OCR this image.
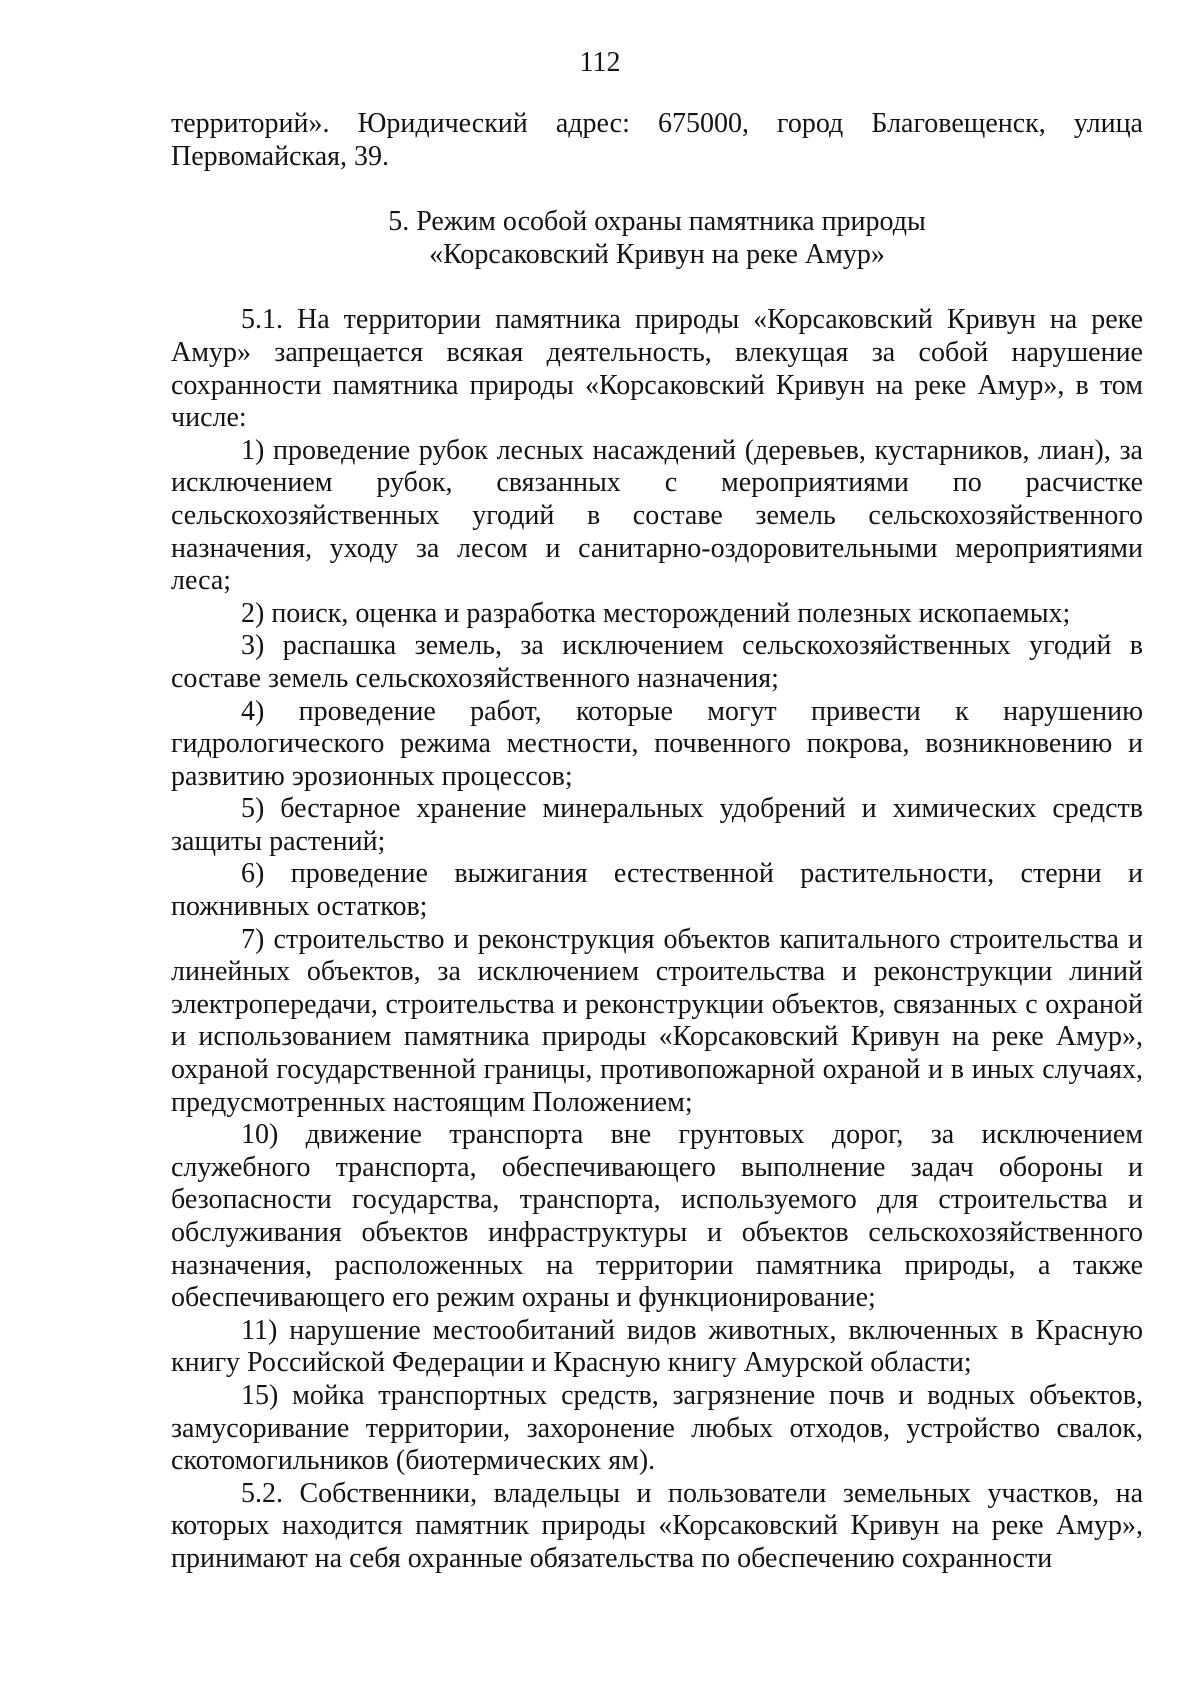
112

территорий». Юридический адрес: 675000, город Благовещенск, улица Первомайская, 39.

5. Режим особой охраны памятника природы
«Корсаковский Кривун на реке Амур»

5.1. На территории памятника природы «Корсаковский Кривун на реке Амур» запрещается всякая деятельность, влекущая за собой нарушение сохранности памятника природы «Корсаковский Кривун на реке Амур», в том числе:

1) проведение рубок лесных насаждений (деревьев, кустарников, лиан), за исключением рубок, связанных с мероприятиями по расчистке сельскохозяйственных угодий в составе земель сельскохозяйственного назначения, уходу за лесом и санитарно-оздоровительными мероприятиями леса;

2) поиск, оценка и разработка месторождений полезных ископаемых;

3) распашка земель, за исключением сельскохозяйственных угодий в составе земель сельскохозяйственного назначения;

4) проведение работ, которые могут привести к нарушению гидрологического режима местности, почвенного покрова, возникновению и развитию эрозионных процессов;

5) бестарное хранение минеральных удобрений и химических средств защиты растений;

6) проведение выжигания естественной растительности, стерни и пожнивных остатков;

7) строительство и реконструкция объектов капитального строительства и линейных объектов, за исключением строительства и реконструкции линий электропередачи, строительства и реконструкции объектов, связанных с охраной и использованием памятника природы «Корсаковский Кривун на реке Амур», охраной государственной границы, противопожарной охраной и в иных случаях, предусмотренных настоящим Положением;

10) движение транспорта вне грунтовых дорог, за исключением служебного транспорта, обеспечивающего выполнение задач обороны и безопасности государства, транспорта, используемого для строительства и обслуживания объектов инфраструктуры и объектов сельскохозяйственного назначения, расположенных на территории памятника природы, а также обеспечивающего его режим охраны и функционирование;

11) нарушение местообитаний видов животных, включенных в Красную книгу Российской Федерации и Красную книгу Амурской области;

15) мойка транспортных средств, загрязнение почв и водных объектов, замусоривание территории, захоронение любых отходов, устройство свалок, скотомогильников (биотермических ям).

5.2. Собственники, владельцы и пользователи земельных участков, на которых находится памятник природы «Корсаковский Кривун на реке Амур», принимают на себя охранные обязательства по обеспечению сохранности
